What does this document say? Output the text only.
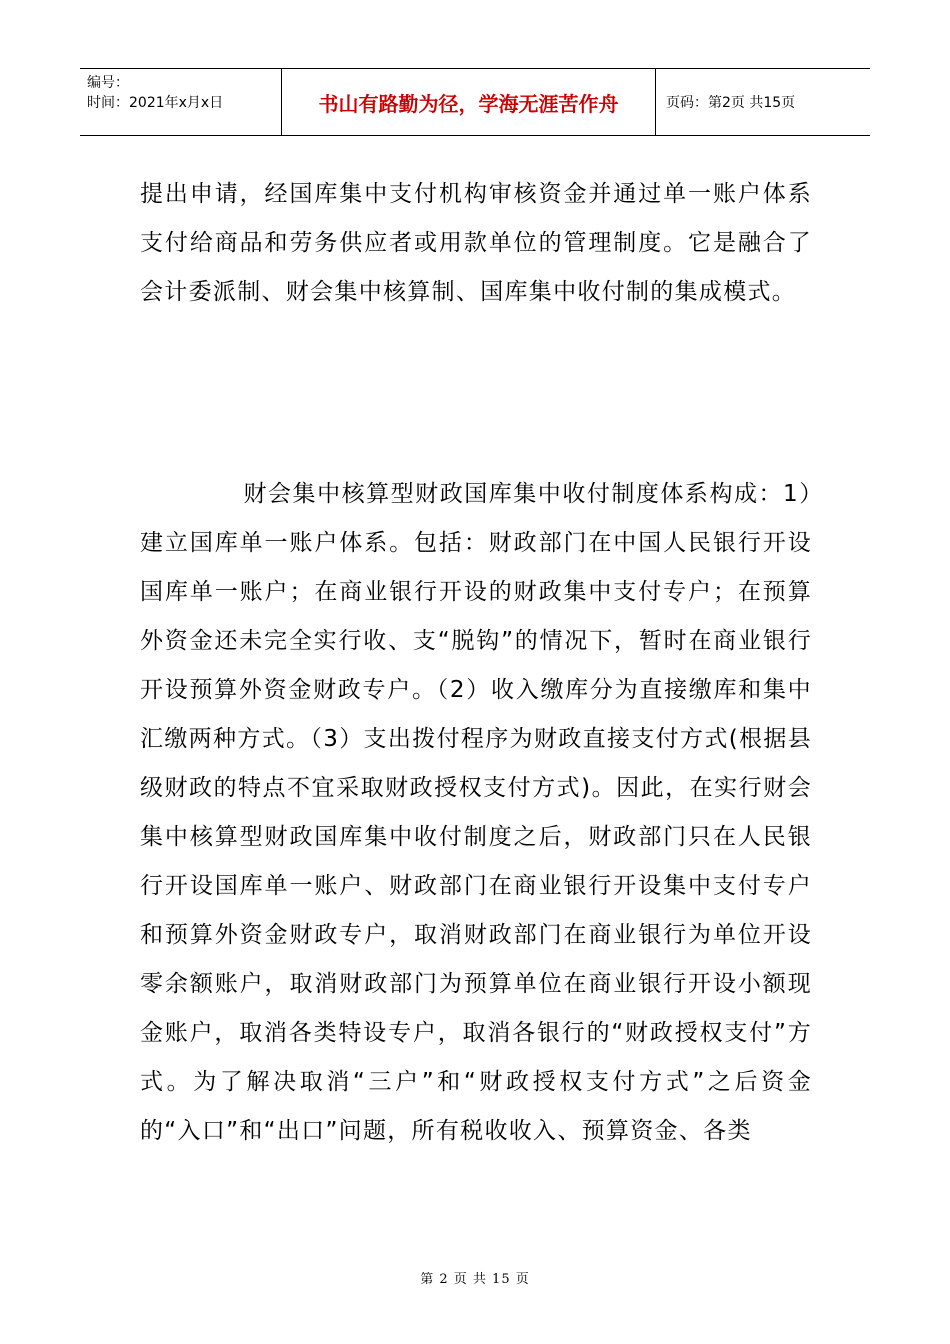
编号：
时间：2021年x月x日	书山有路勤为径，学海无涯苦作舟	页码：第2页 共15页
提出申请，经国库集中支付机构审核资金并通过单一账户体系支付给商品和劳务供应者或用款单位的管理制度。它是融合了会计委派制、财会集中核算制、国库集中收付制的集成模式。
财会集中核算型财政国库集中收付制度体系构成：1）建立国库单一账户体系。包括：财政部门在中国人民银行开设国库单一账户；在商业银行开设的财政集中支付专户；在预算外资金还未完全实行收、支“脱钩”的情况下，暂时在商业银行开设预算外资金财政专户。（2）收入缴库分为直接缴库和集中汇缴两种方式。（3）支出拨付程序为财政直接支付方式(根据县级财政的特点不宜采取财政授权支付方式)。因此，在实行财会集中核算型财政国库集中收付制度之后，财政部门只在人民银行开设国库单一账户、财政部门在商业银行开设集中支付专户和预算外资金财政专户，取消财政部门在商业银行为单位开设零余额账户，取消财政部门为预算单位在商业银行开设小额现金账户，取消各类特设专户，取消各银行的“财政授权支付”方式。为了解决取消“三户”和“财政授权支付方式”之后资金的“入口”和“出口”问题，所有税收收入、预算资金、各类
第 2 页 共 15 页
